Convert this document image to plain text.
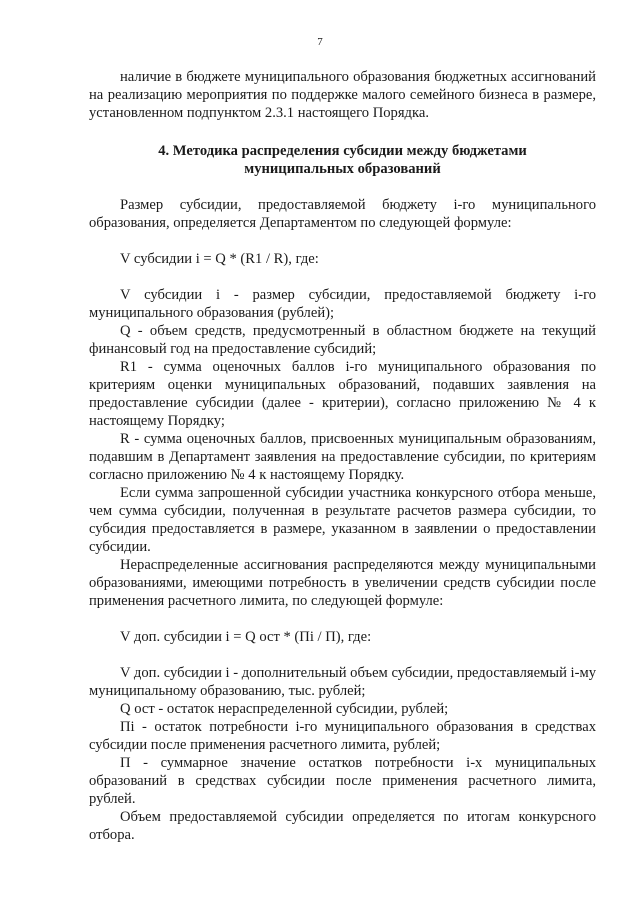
7

наличие в бюджете муниципального образования бюджетных ассигнований на реализацию мероприятия по поддержке малого семейного бизнеса в размере, установленном подпунктом 2.3.1 настоящего Порядка.

4. Методика распределения субсидии между бюджетами
муниципальных образований

Размер субсидии, предоставляемой бюджету i-го муниципального образования, определяется Департаментом по следующей формуле:

V субсидии i = Q * (R1 / R), где:

V субсидии i - размер субсидии, предоставляемой бюджету i-го муниципального образования (рублей);

Q - объем средств, предусмотренный в областном бюджете на текущий финансовый год на предоставление субсидий;

R1 - сумма оценочных баллов i-го муниципального образования по критериям оценки муниципальных образований, подавших заявления на предоставление субсидии (далее - критерии), согласно приложению № 4 к настоящему Порядку;

R - сумма оценочных баллов, присвоенных муниципальным образованиям, подавшим в Департамент заявления на предоставление субсидии, по критериям согласно приложению № 4 к настоящему Порядку.

Если сумма запрошенной субсидии участника конкурсного отбора меньше, чем сумма субсидии, полученная в результате расчетов размера субсидии, то субсидия предоставляется в размере, указанном в заявлении о предоставлении субсидии.

Нераспределенные ассигнования распределяются между муниципальными образованиями, имеющими потребность в увеличении средств субсидии после применения расчетного лимита, по следующей формуле:

V доп. субсидии i = Q ост * (Пi / П), где:

V доп. субсидии i - дополнительный объем субсидии, предоставляемый i-му муниципальному образованию, тыс. рублей;

Q ост - остаток нераспределенной субсидии, рублей;

Пi - остаток потребности i-го муниципального образования в средствах субсидии после применения расчетного лимита, рублей;

П - суммарное значение остатков потребности i-х муниципальных образований в средствах субсидии после применения расчетного лимита, рублей.

Объем предоставляемой субсидии определяется по итогам конкурсного отбора.
